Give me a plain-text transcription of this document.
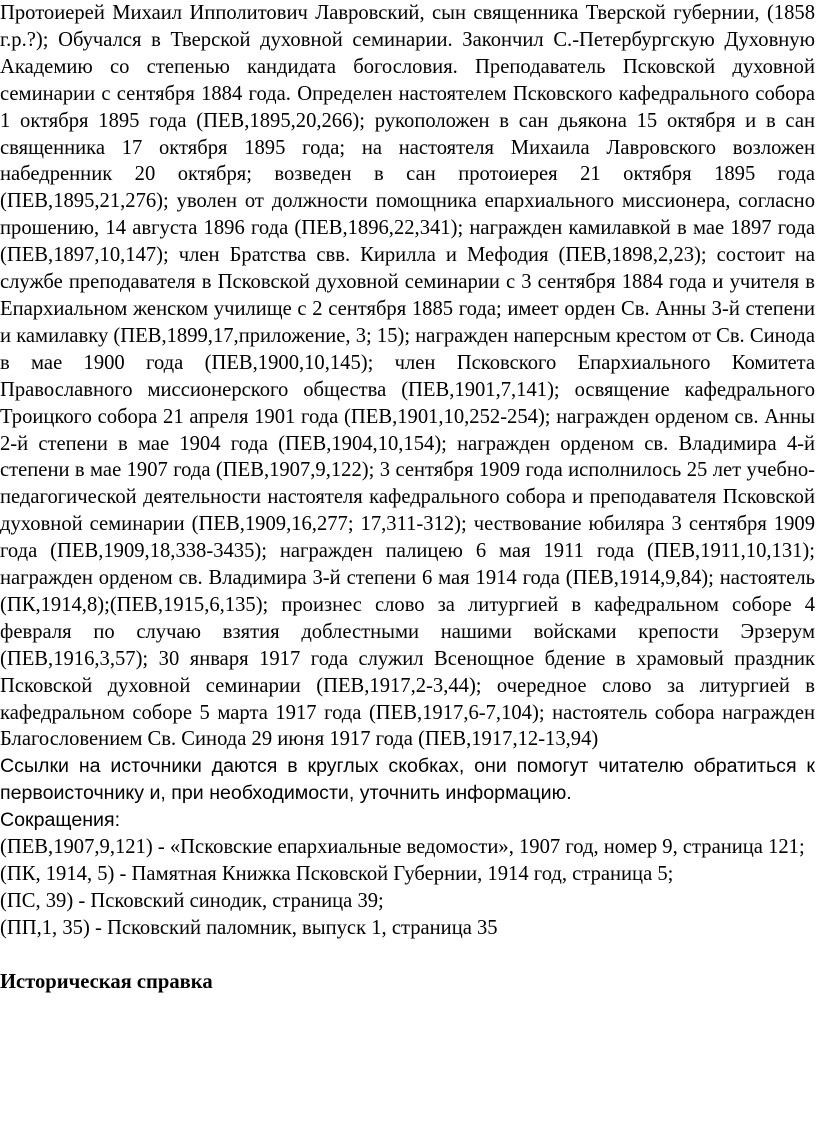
Протоиерей Михаил Ипполитович Лавровский, сын священника Тверской губернии, (1858 г.р.?); Обучался в Тверской духовной семинарии. Закончил С.-Петербургскую Духовную Академию со степенью кандидата богословия. Преподаватель Псковской духовной семинарии с сентября 1884 года. Определен настоятелем Псковского кафедрального собора 1 октября 1895 года (ПЕВ,1895,20,266); рукоположен в сан дьякона 15 октября и в сан священника 17 октября 1895 года; на настоятеля Михаила Лавровского возложен набедренник 20 октября; возведен в сан протоиерея 21 октября 1895 года (ПЕВ,1895,21,276); уволен от должности помощника епархиального миссионера, согласно прошению, 14 августа 1896 года (ПЕВ,1896,22,341); награжден камилавкой в мае 1897 года (ПЕВ,1897,10,147); член Братства свв. Кирилла и Мефодия (ПЕВ,1898,2,23); состоит на службе преподавателя в Псковской духовной семинарии с 3 сентября 1884 года и учителя в Епархиальном женском училище с 2 сентября 1885 года; имеет орден Св. Анны 3-й степени и камилавку (ПЕВ,1899,17,приложение, 3; 15); награжден наперсным крестом от Св. Синода в мае 1900 года (ПЕВ,1900,10,145); член Псковского Епархиального Комитета Православного миссионерского общества (ПЕВ,1901,7,141); освящение кафедрального Троицкого собора 21 апреля 1901 года (ПЕВ,1901,10,252-254); награжден орденом св. Анны 2-й степени в мае 1904 года (ПЕВ,1904,10,154); награжден орденом св. Владимира 4-й степени в мае 1907 года (ПЕВ,1907,9,122); 3 сентября 1909 года исполнилось 25 лет учебно-педагогической деятельности настоятеля кафедрального собора и преподавателя Псковской духовной семинарии (ПЕВ,1909,16,277; 17,311-312); чествование юбиляра 3 сентября 1909 года (ПЕВ,1909,18,338-3435); награжден палицею 6 мая 1911 года (ПЕВ,1911,10,131); награжден орденом св. Владимира 3-й степени 6 мая 1914 года (ПЕВ,1914,9,84); настоятель (ПК,1914,8);(ПЕВ,1915,6,135); произнес слово за литургией в кафедральном соборе 4 февраля по случаю взятия доблестными нашими войсками крепости Эрзерум (ПЕВ,1916,3,57); 30 января 1917 года служил Всенощное бдение в храмовый праздник Псковской духовной семинарии (ПЕВ,1917,2-3,44); очередное слово за литургией в кафедральном соборе 5 марта 1917 года (ПЕВ,1917,6-7,104); настоятель собора награжден Благословением Св. Синода 29 июня 1917 года (ПЕВ,1917,12-13,94)

Ссылки на источники даются в круглых скобках, они помогут читателю обратиться к первоисточнику и, при необходимости, уточнить информацию.

Сокращения:

(ПЕВ,1907,9,121) - «Псковские епархиальные ведомости», 1907 год, номер 9, страница 121;
(ПК, 1914, 5) - Памятная Книжка Псковской Губернии, 1914 год, страница 5;
(ПС, 39) - Псковский синодик, страница 39;
(ПП,1, 35) - Псковский паломник, выпуск 1, страница 35

Историческая справка
